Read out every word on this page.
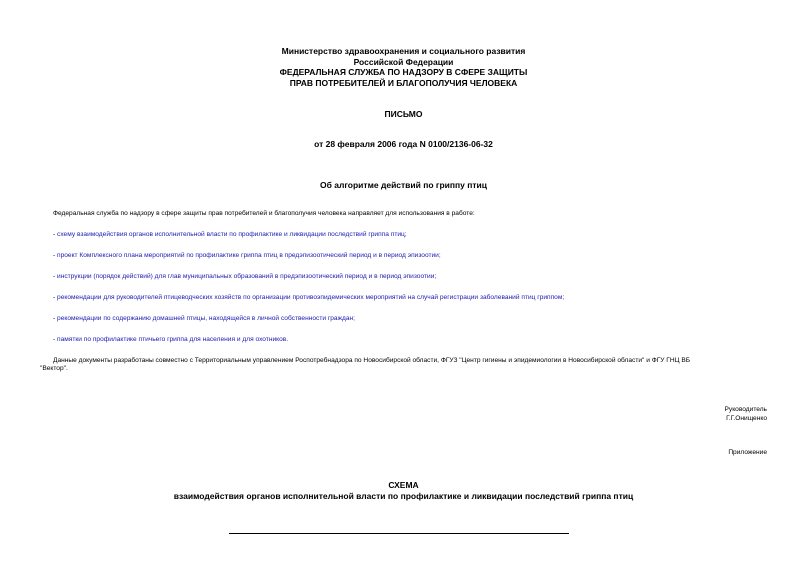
Министерство здравоохранения и социального развития
Российской Федерации
ФЕДЕРАЛЬНАЯ СЛУЖБА ПО НАДЗОРУ В СФЕРЕ ЗАЩИТЫ
ПРАВ ПОТРЕБИТЕЛЕЙ И БЛАГОПОЛУЧИЯ ЧЕЛОВЕКА
ПИСЬМО
от 28 февраля 2006 года N 0100/2136-06-32
Об алгоритме действий по гриппу птиц
Федеральная служба по надзору в сфере защиты прав потребителей и благополучия человека направляет для использования в работе:
- схему взаимодействия органов исполнительной власти по профилактике и ликвидации последствий гриппа птиц;
- проект Комплексного плана мероприятий по профилактике гриппа птиц в предэпизоотический период и в период эпизоотии;
- инструкции (порядок действий) для глав муниципальных образований в предэпизоотический период и в период эпизоотии;
- рекомендации для руководителей птицеводческих хозяйств по организации противоэпидемических мероприятий на случай регистрации заболеваний птиц гриппом;
- рекомендации по содержанию домашней птицы, находящейся в личной собственности граждан;
- памятки по профилактике птичьего гриппа для населения и для охотников.
Данные документы разработаны совместно с Территориальным управлением Роспотребнадзора по Новосибирской области, ФГУЗ "Центр гигиены и эпидемиологии в Новосибирской области" и ФГУ ГНЦ ВБ
"Вектор".
Руководитель
Г.Г.Онищенко
Приложение
СХЕМА
взаимодействия органов исполнительной власти по профилактике и ликвидации последствий гриппа птиц
